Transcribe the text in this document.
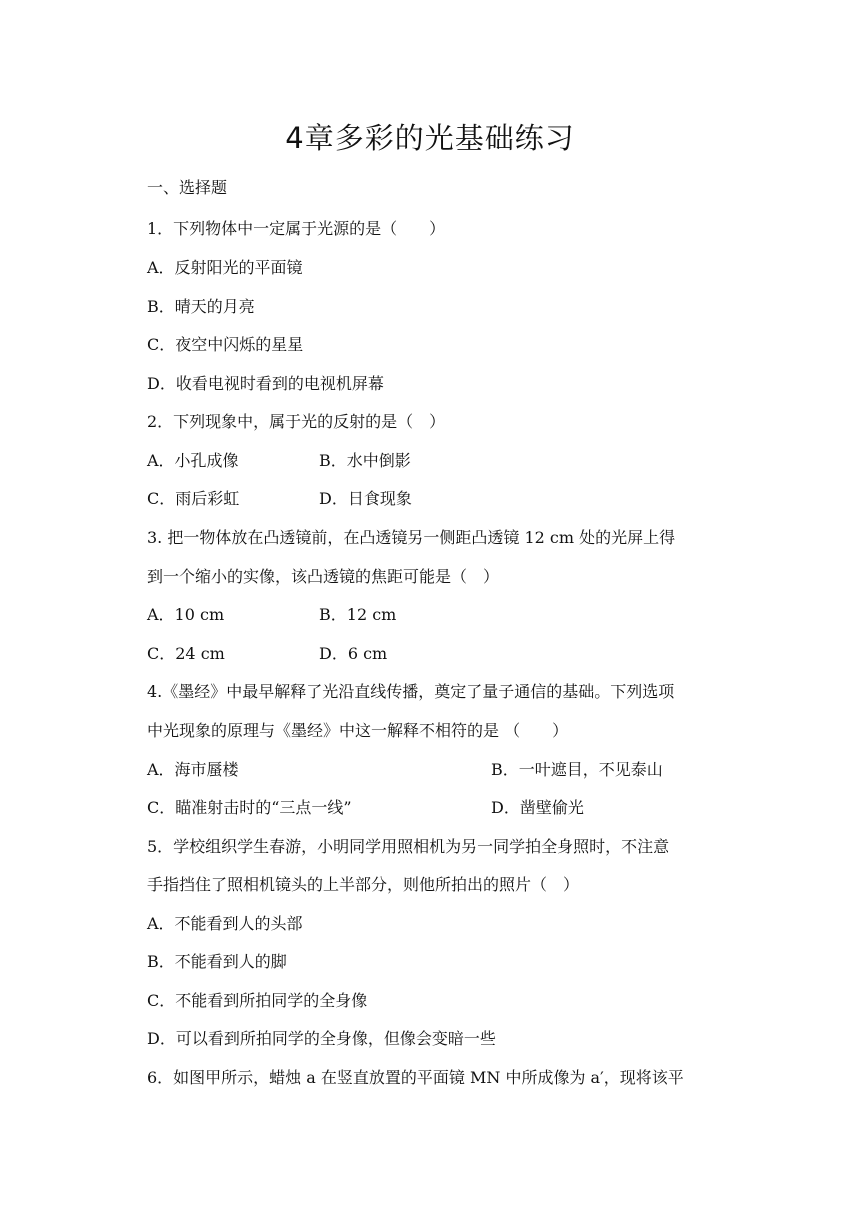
4章多彩的光基础练习
一、选择题
1．下列物体中一定属于光源的是（　　）
A．反射阳光的平面镜
B．晴天的月亮
C．夜空中闪烁的星星
D．收看电视时看到的电视机屏幕
2．下列现象中，属于光的反射的是（　）
A．小孔成像	B．水中倒影
C．雨后彩虹	D．日食现象
3. 把一物体放在凸透镜前，在凸透镜另一侧距凸透镜 12 cm 处的光屏上得
到一个缩小的实像，该凸透镜的焦距可能是（　）
A．10 cm	B．12 cm
C．24 cm	D．6 cm
4.《墨经》中最早解释了光沿直线传播，奠定了量子通信的基础。下列选项
中光现象的原理与《墨经》中这一解释不相符的是 （　　）
A．海市蜃楼	B．一叶遮目，不见泰山
C．瞄准射击时的“三点一线”	D．凿壁偷光
5．学校组织学生春游，小明同学用照相机为另一同学拍全身照时，不注意
手指挡住了照相机镜头的上半部分，则他所拍出的照片（　）
A．不能看到人的头部
B．不能看到人的脚
C．不能看到所拍同学的全身像
D．可以看到所拍同学的全身像，但像会变暗一些
6．如图甲所示，蜡烛 a 在竖直放置的平面镜 MN 中所成像为 a′，现将该平
